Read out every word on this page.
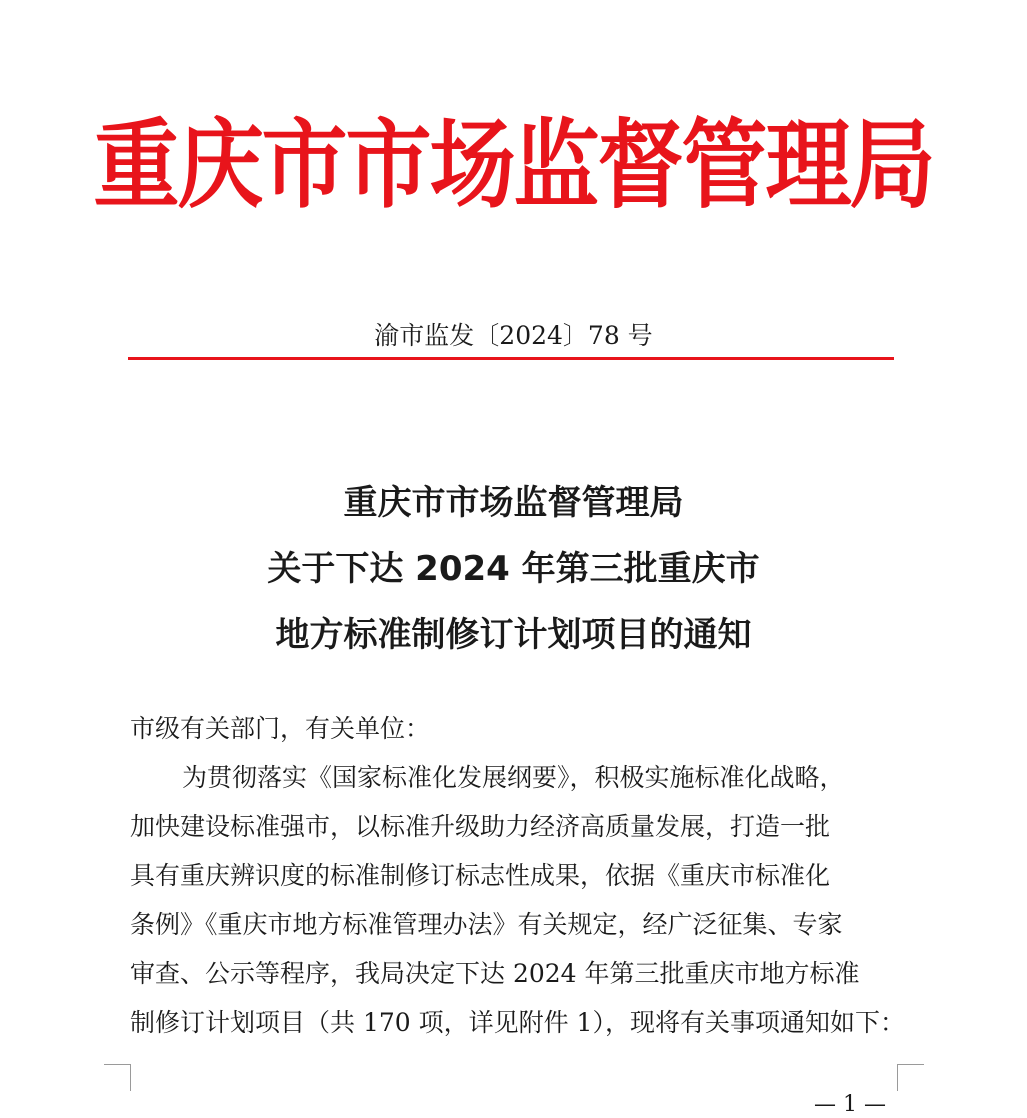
重庆市市场监督管理局
渝市监发〔2024〕78 号
重庆市市场监督管理局
关于下达 2024 年第三批重庆市
地方标准制修订计划项目的通知
市级有关部门，有关单位：
为贯彻落实《国家标准化发展纲要》，积极实施标准化战略，
加快建设标准强市，以标准升级助力经济高质量发展，打造一批
具有重庆辨识度的标准制修订标志性成果，依据《重庆市标准化
条例》《重庆市地方标准管理办法》有关规定，经广泛征集、专家
审查、公示等程序，我局决定下达 2024 年第三批重庆市地方标准
制修订计划项目（共 170 项，详见附件 1），现将有关事项通知如下：
— 1 —
